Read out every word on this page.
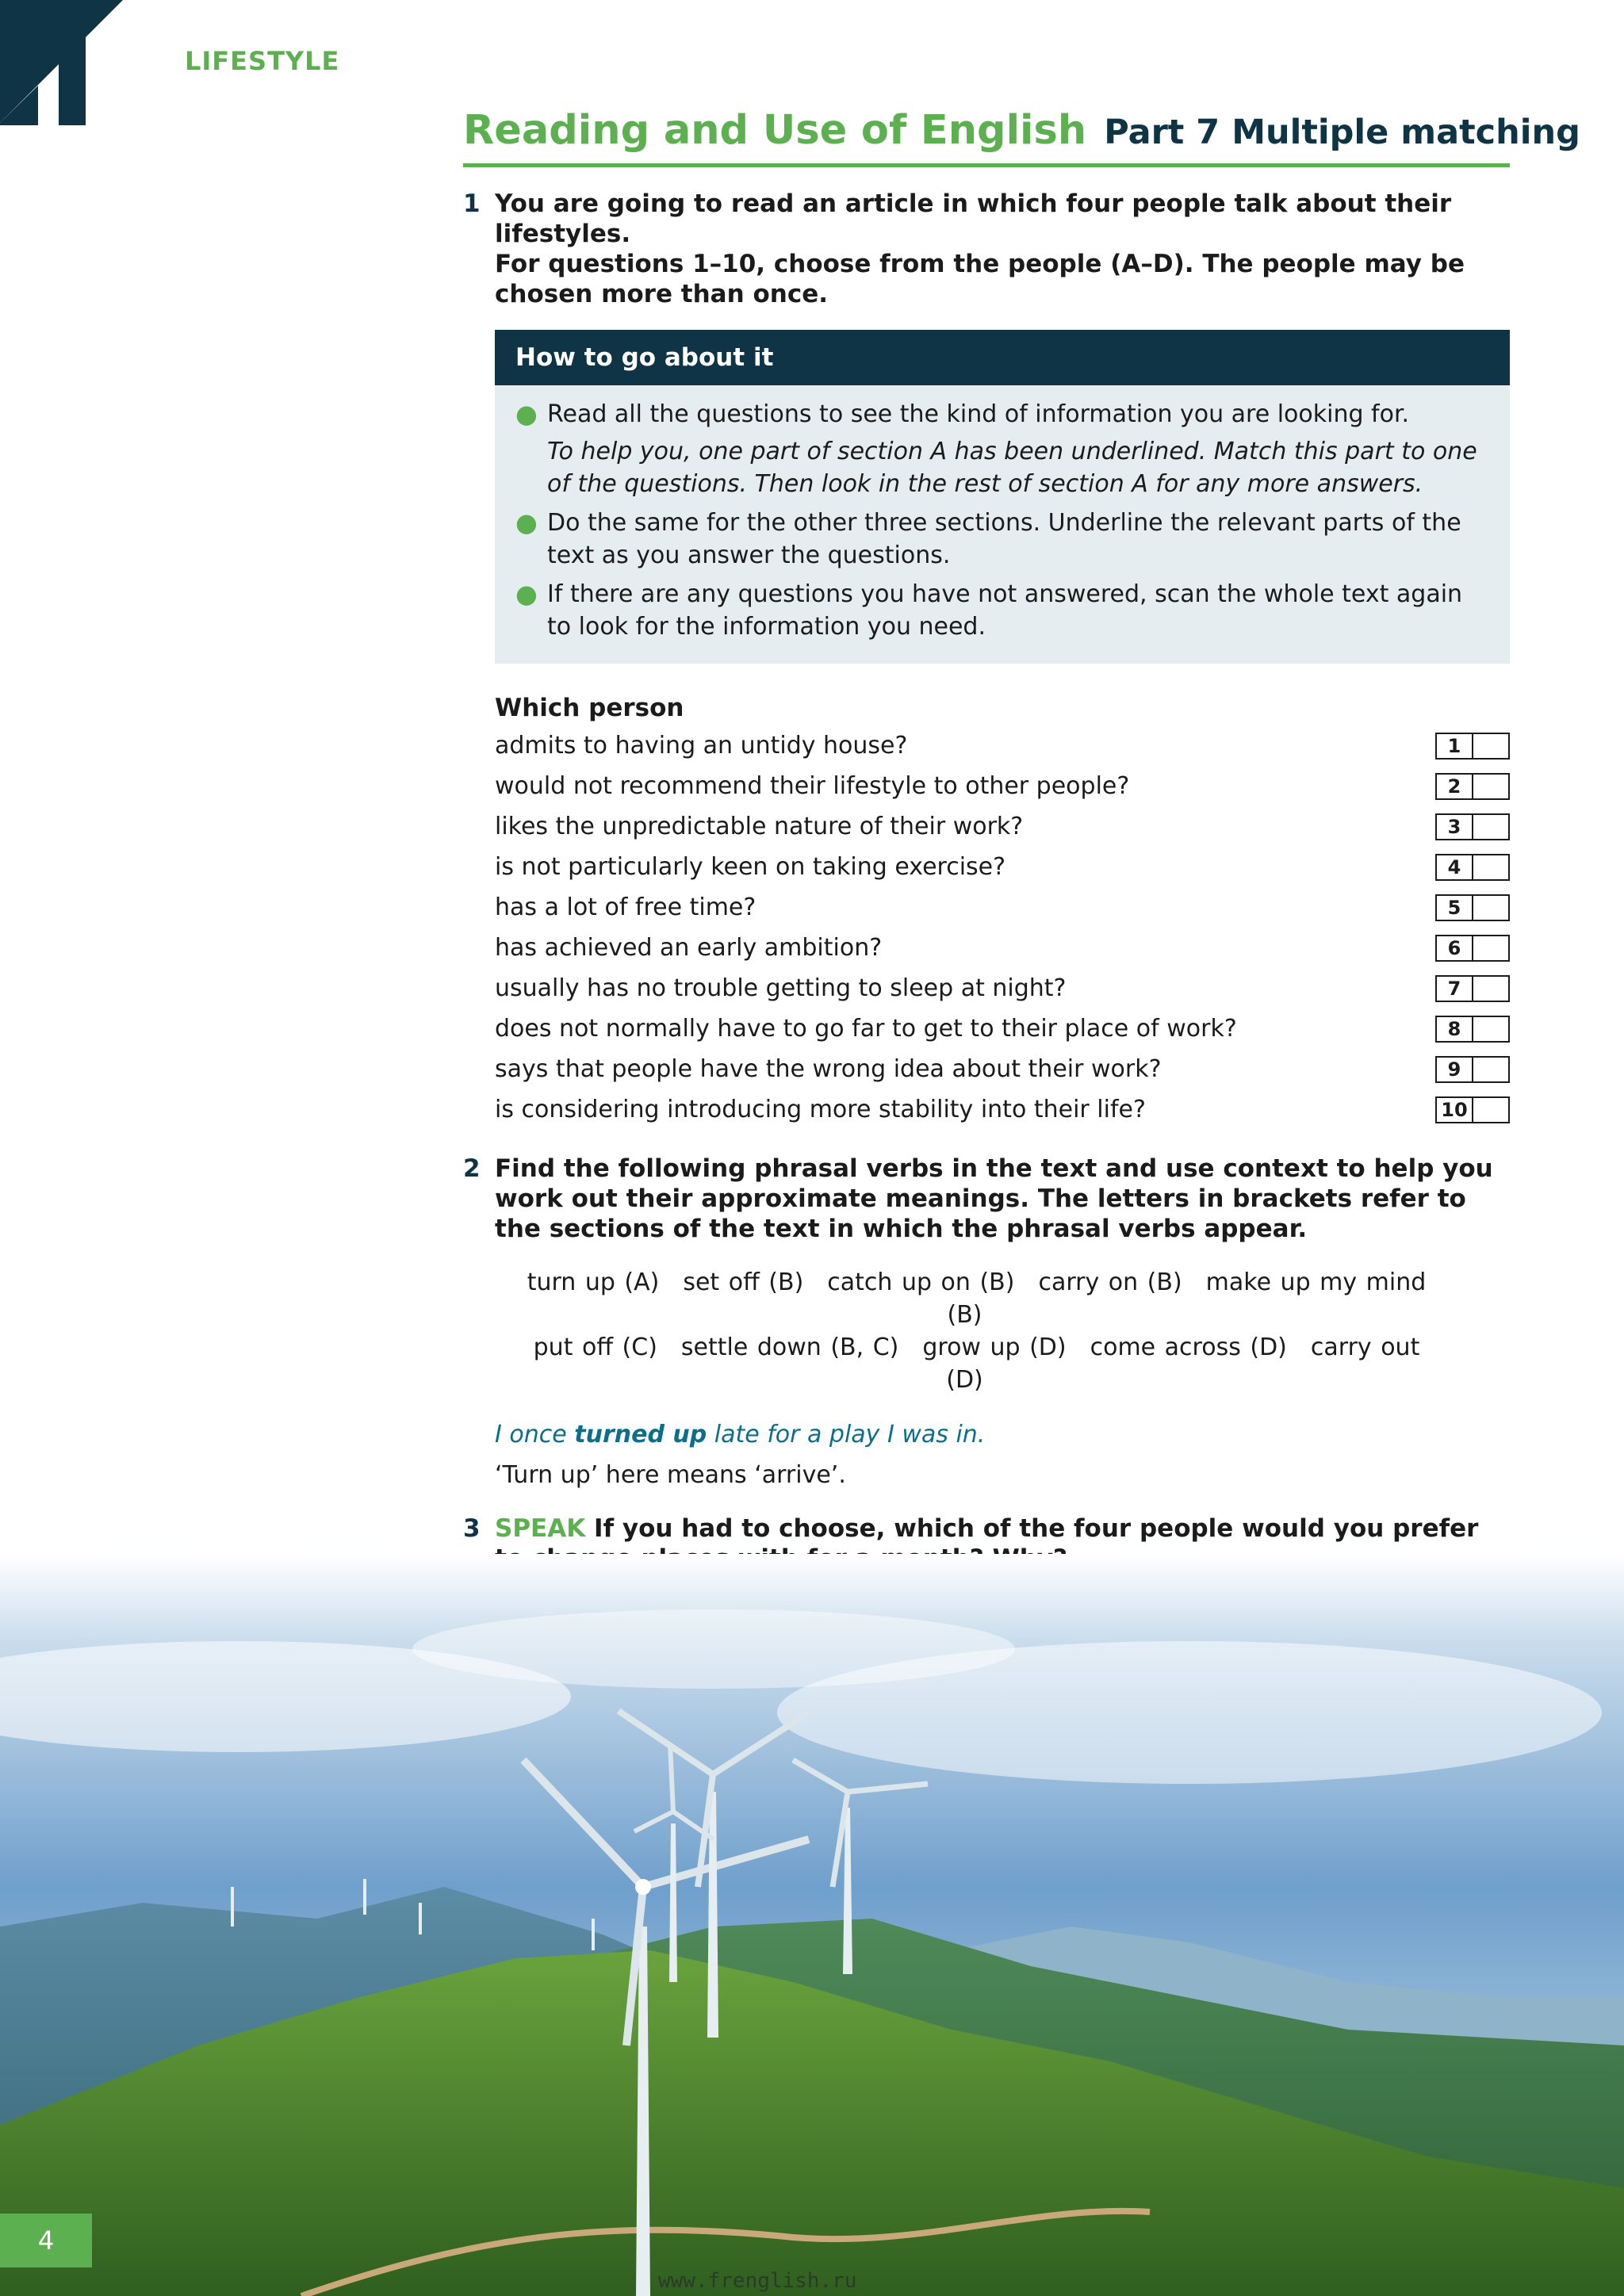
LIFESTYLE
Reading and Use of English Part 7 Multiple matching
1 You are going to read an article in which four people talk about their lifestyles.
For questions 1–10, choose from the people (A–D). The people may be chosen more than once.

How to go about it
● Read all the questions to see the kind of information you are looking for.
To help you, one part of section A has been underlined. Match this part to one of the questions. Then look in the rest of section A for any more answers.
● Do the same for the other three sections. Underline the relevant parts of the text as you answer the questions.
● If there are any questions you have not answered, scan the whole text again to look for the information you need.
Which person
admits to having an untidy house?	1
would not recommend their lifestyle to other people?	2
likes the unpredictable nature of their work?	3
is not particularly keen on taking exercise?	4
has a lot of free time?	5
has achieved an early ambition?	6
usually has no trouble getting to sleep at night?	7
does not normally have to go far to get to their place of work?	8
says that people have the wrong idea about their work?	9
is considering introducing more stability into their life?	10
2 Find the following phrasal verbs in the text and use context to help you work out their approximate meanings. The letters in brackets refer to the sections of the text in which the phrasal verbs appear.

turn up (A) set off (B) catch up on (B) carry on (B) make up my mind (B)
put off (C) settle down (B, C) grow up (D) come across (D) carry out (D)
I once turned up late for a play I was in.
‘Turn up’ here means ‘arrive’.
3 SPEAK If you had to choose, which of the four people would you prefer

4
www.frenglish.ru
